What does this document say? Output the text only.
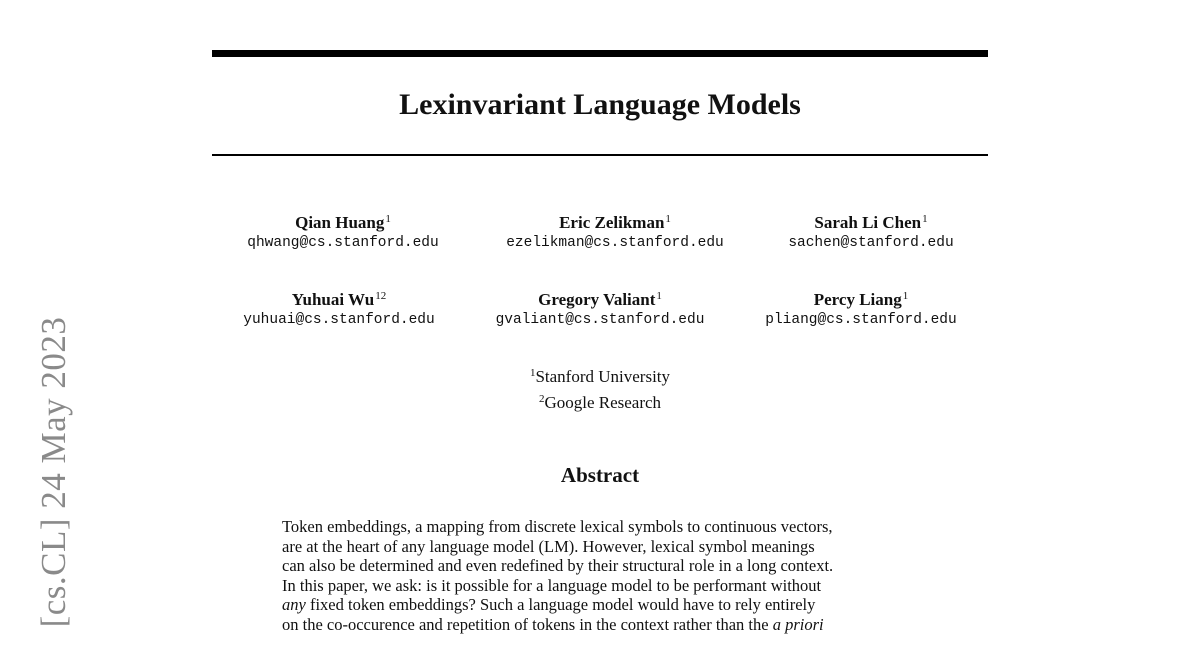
[cs.CL] 24 May 2023
Lexinvariant Language Models
Qian Huang$^1$
qhwang@cs.stanford.edu
Eric Zelikman$^1$
ezelikman@cs.stanford.edu
Sarah Li Chen$^1$
sachen@stanford.edu
Yuhuai Wu$^{12}$
yuhuai@cs.stanford.edu
Gregory Valiant$^1$
gvaliant@cs.stanford.edu
Percy Liang$^1$
pliang@cs.stanford.edu
$^1$Stanford University
$^2$Google Research
Abstract
Token embeddings, a mapping from discrete lexical symbols to continuous vectors,
are at the heart of any language model (LM). However, lexical symbol meanings
can also be determined and even redefined by their structural role in a long context.
In this paper, we ask: is it possible for a language model to be performant without
any fixed token embeddings? Such a language model would have to rely entirely
on the co-occurence and repetition of tokens in the context rather than the a priori
